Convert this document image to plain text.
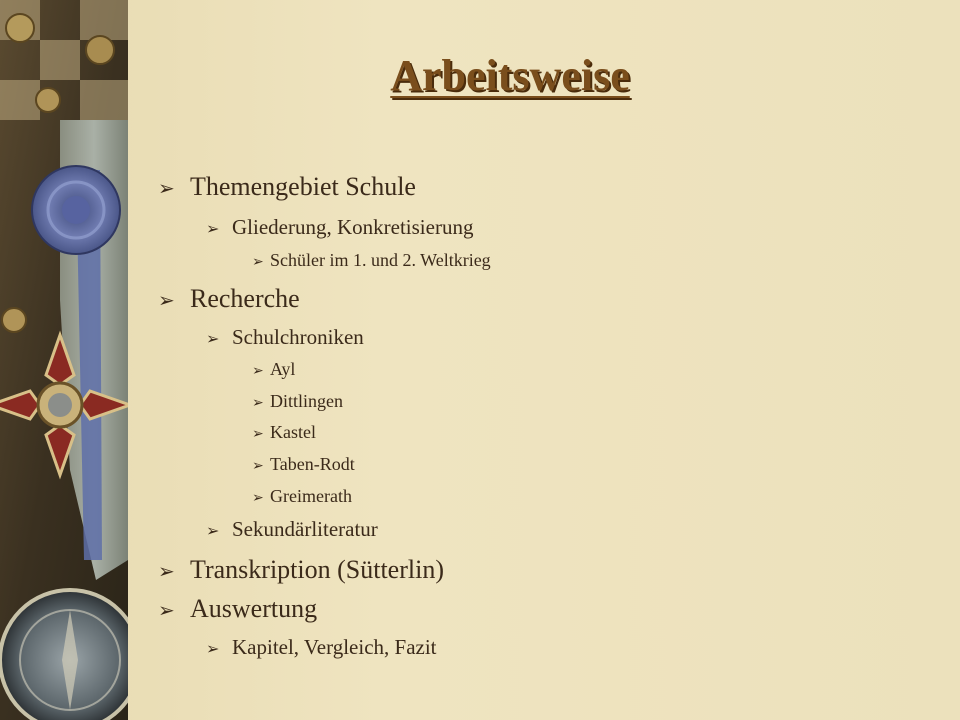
Arbeitsweise
➢ Themengebiet Schule
➢ Gliederung, Konkretisierung
➢ Schüler im 1. und 2. Weltkrieg
➢ Recherche
➢ Schulchroniken
➢ Ayl
➢ Dittlingen
➢ Kastel
➢ Taben-Rodt
➢ Greimerath
➢ Sekundärliteratur
➢ Transkription (Sütterlin)
➢ Auswertung
➢ Kapitel, Vergleich, Fazit
